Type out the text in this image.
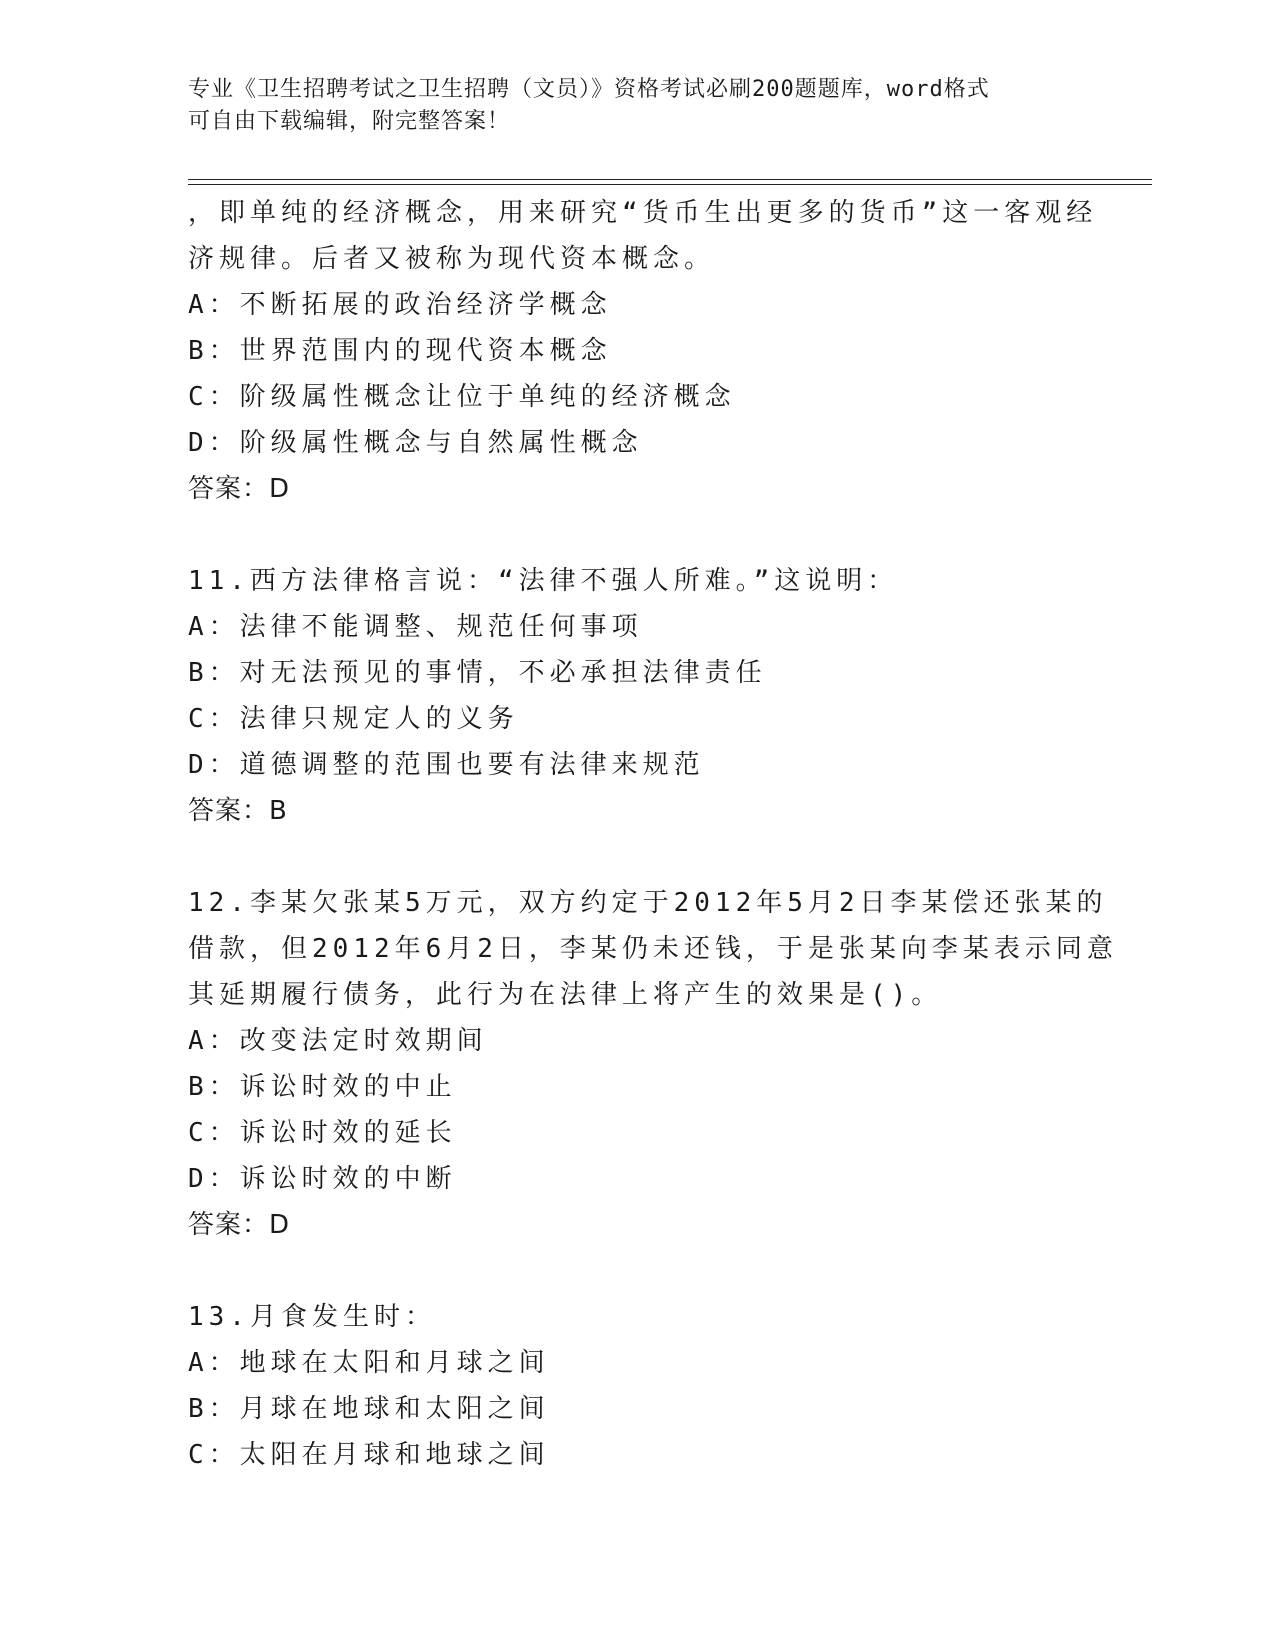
专业《卫生招聘考试之卫生招聘（文员）》资格考试必刷200题题库，word格式
可自由下载编辑，附完整答案！
，即单纯的经济概念，用来研究“货币生出更多的货币”这一客观经
济规律。后者又被称为现代资本概念。
A：不断拓展的政治经济学概念
B：世界范围内的现代资本概念
C：阶级属性概念让位于单纯的经济概念
D：阶级属性概念与自然属性概念
答案：D
11.西方法律格言说：“法律不强人所难。”这说明：
A：法律不能调整、规范任何事项
B：对无法预见的事情，不必承担法律责任
C：法律只规定人的义务
D：道德调整的范围也要有法律来规范
答案：B
12.李某欠张某5万元，双方约定于2012年5月2日李某偿还张某的
借款，但2012年6月2日，李某仍未还钱，于是张某向李某表示同意
其延期履行债务，此行为在法律上将产生的效果是()。
A：改变法定时效期间
B：诉讼时效的中止
C：诉讼时效的延长
D：诉讼时效的中断
答案：D
13.月食发生时：
A：地球在太阳和月球之间
B：月球在地球和太阳之间
C：太阳在月球和地球之间
